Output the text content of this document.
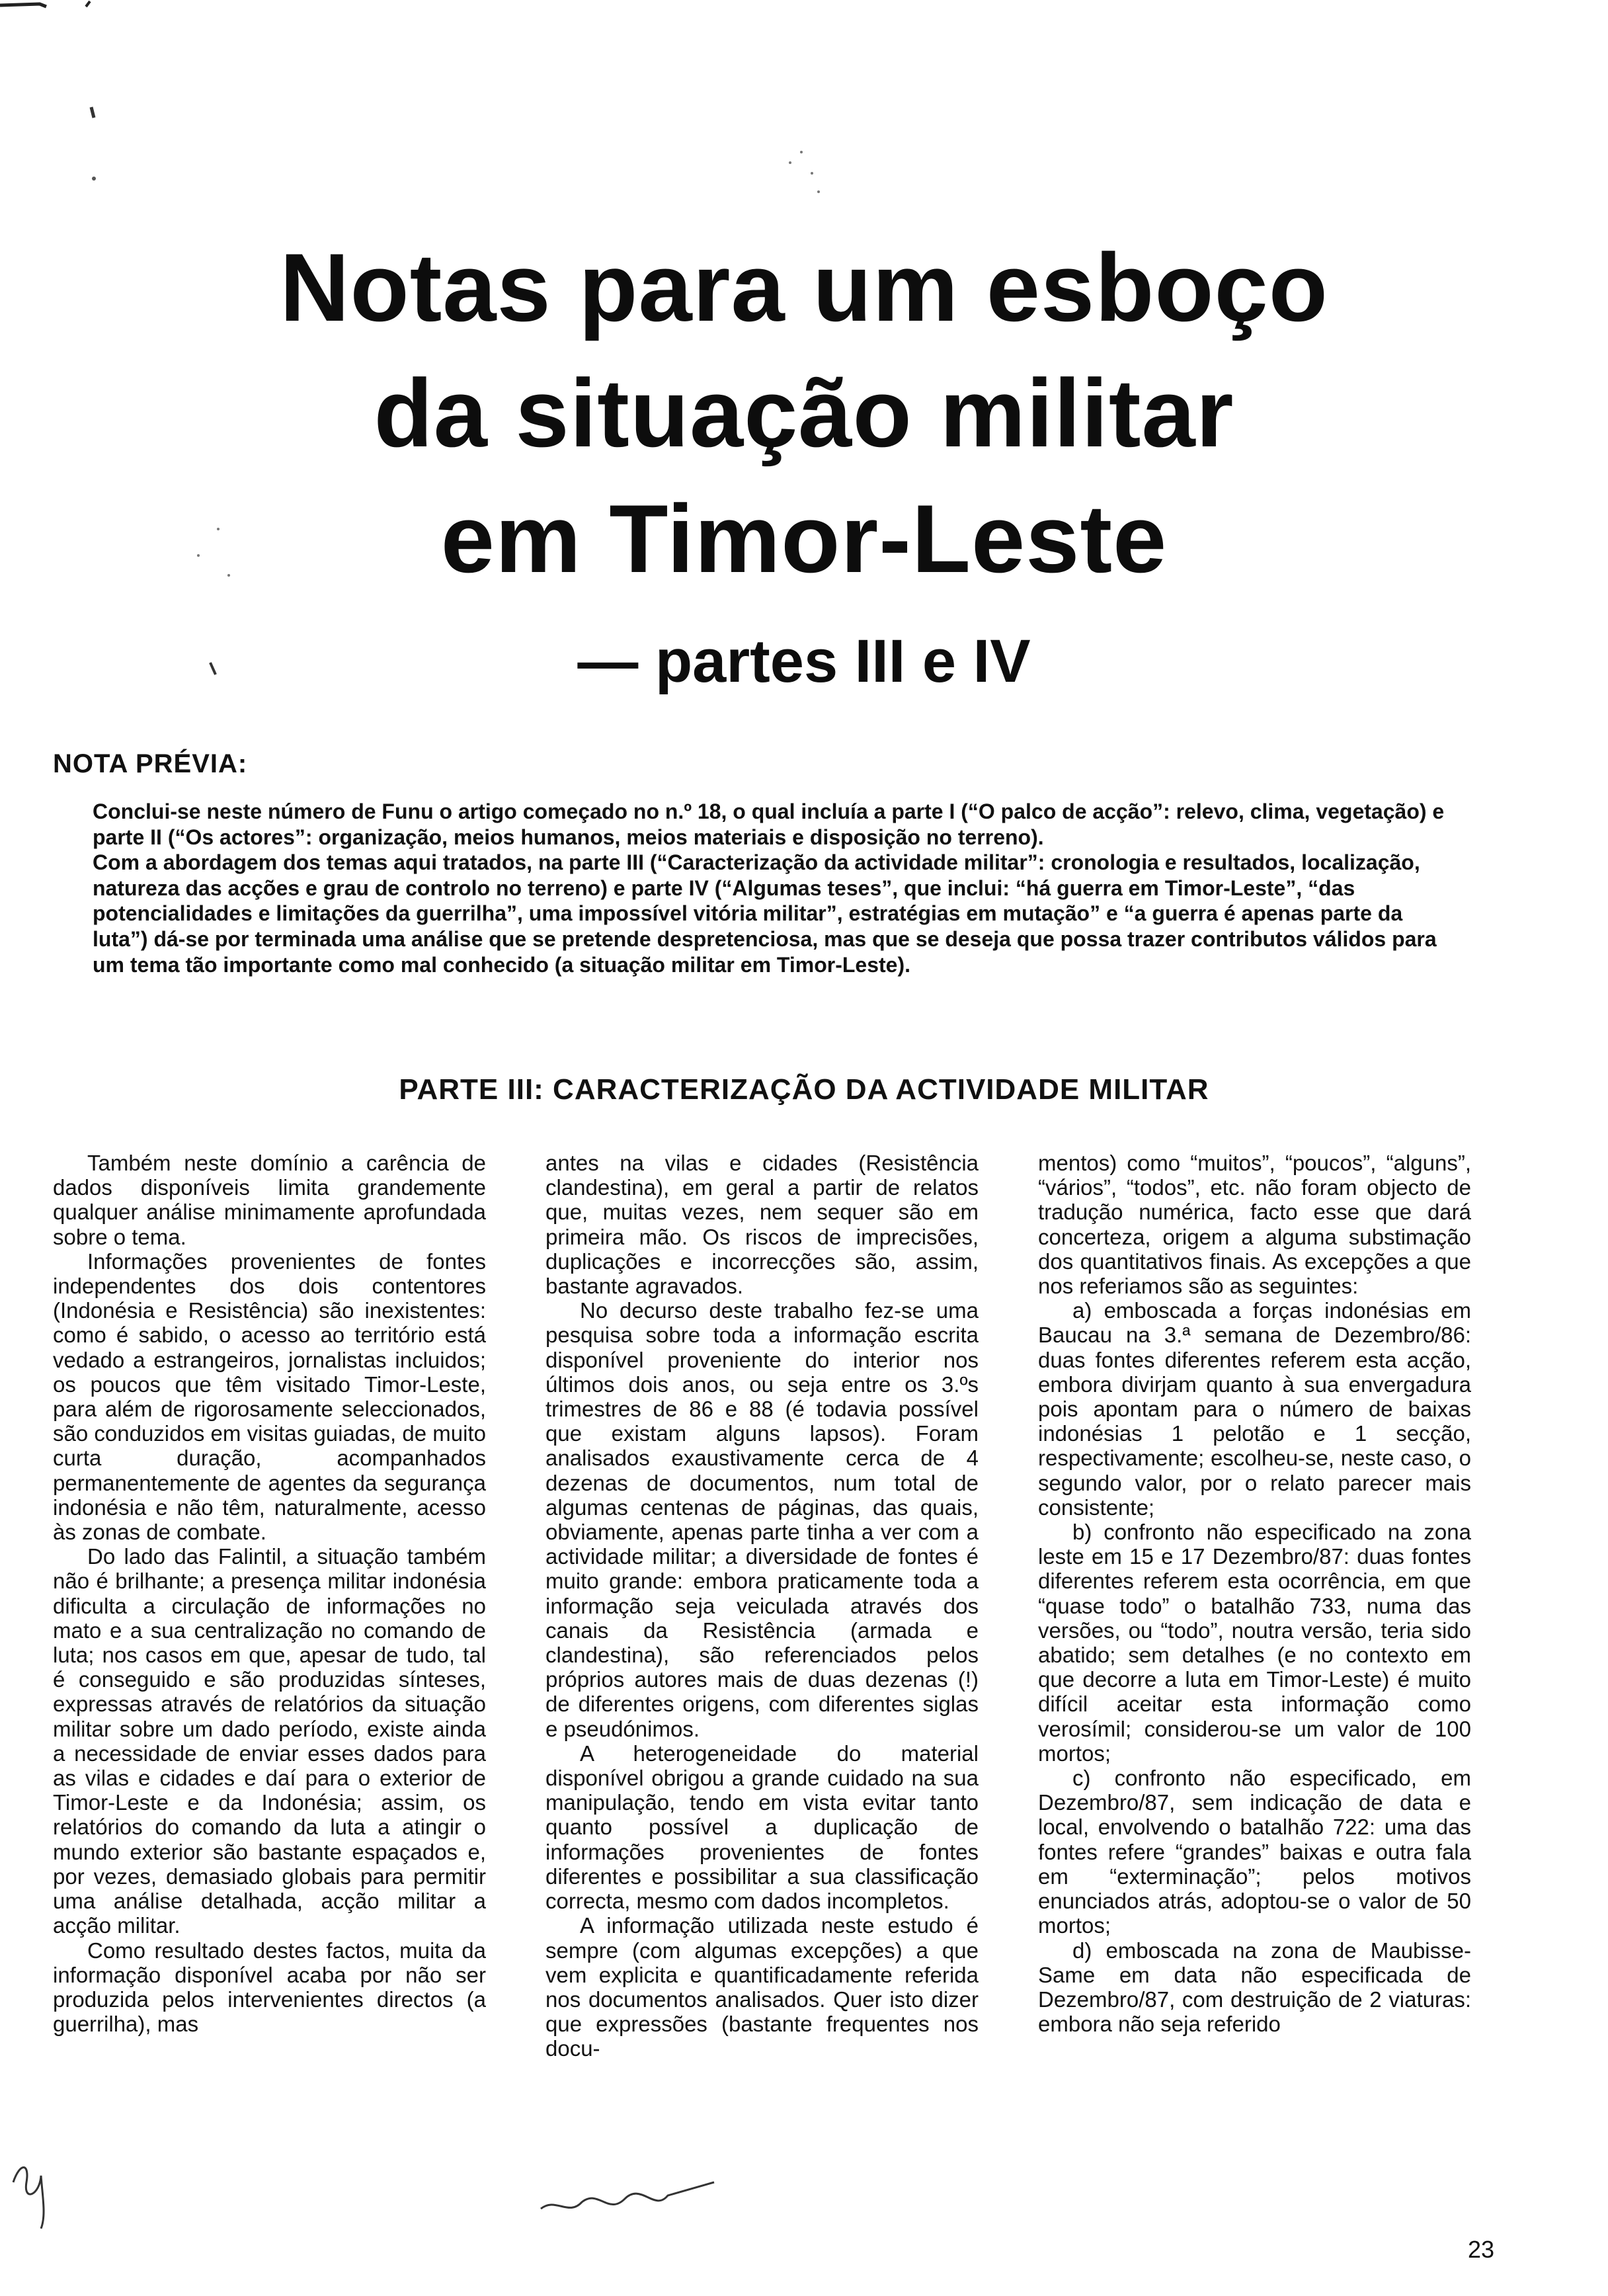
Notas para um esboço
da situação militar
em Timor-Leste
— partes III e IV
NOTA PRÉVIA:

Conclui-se neste número de Funu o artigo começado no n.º 18, o qual incluía a parte I (“O palco de acção”: relevo, clima, vegetação) e parte II (“Os actores”: organização, meios humanos, meios materiais e disposição no terreno).

Com a abordagem dos temas aqui tratados, na parte III (“Caracterização da actividade militar”: cronologia e resultados, localização, natureza das acções e grau de controlo no terreno) e parte IV (“Algumas teses”, que inclui: “há guerra em Timor-Leste”, “das potencialidades e limitações da guerrilha”, uma impossível vitória militar”, estratégias em mutação” e “a guerra é apenas parte da luta”) dá-se por terminada uma análise que se pretende despretenciosa, mas que se deseja que possa trazer contributos válidos para um tema tão importante como mal conhecido (a situação militar em Timor-Leste).

PARTE III: CARACTERIZAÇÃO DA ACTIVIDADE MILITAR

Também neste domínio a carência de dados disponíveis limita grandemente qualquer análise minimamente aprofundada sobre o tema.

Informações provenientes de fontes independentes dos dois contentores (Indonésia e Resistência) são inexistentes: como é sabido, o acesso ao território está vedado a estrangeiros, jornalistas incluidos; os poucos que têm visitado Timor-Leste, para além de rigorosamente seleccionados, são conduzidos em visitas guiadas, de muito curta duração, acompanhados permanentemente de agentes da segurança indonésia e não têm, naturalmente, acesso às zonas de combate.

Do lado das Falintil, a situação também não é brilhante; a presença militar indonésia dificulta a circulação de informações no mato e a sua centralização no comando de luta; nos casos em que, apesar de tudo, tal é conseguido e são produzidas sínteses, expressas através de relatórios da situação militar sobre um dado período, existe ainda a necessidade de enviar esses dados para as vilas e cidades e daí para o exterior de Timor-Leste e da Indonésia; assim, os relatórios do comando da luta a atingir o mundo exterior são bastante espaçados e, por vezes, demasiado globais para permitir uma análise detalhada, acção militar a acção militar.

Como resultado destes factos, muita da informação disponível acaba por não ser produzida pelos intervenientes directos (a guerrilha), mas

antes na vilas e cidades (Resistência clandestina), em geral a partir de relatos que, muitas vezes, nem sequer são em primeira mão. Os riscos de imprecisões, duplicações e incorrecções são, assim, bastante agravados.

No decurso deste trabalho fez-se uma pesquisa sobre toda a informação escrita disponível proveniente do interior nos últimos dois anos, ou seja entre os 3.ºs trimestres de 86 e 88 (é todavia possível que existam alguns lapsos). Foram analisados exaustivamente cerca de 4 dezenas de documentos, num total de algumas centenas de páginas, das quais, obviamente, apenas parte tinha a ver com a actividade militar; a diversidade de fontes é muito grande: embora praticamente toda a informação seja veiculada através dos canais da Resistência (armada e clandestina), são referenciados pelos próprios autores mais de duas dezenas (!) de diferentes origens, com diferentes siglas e pseudónimos.

A heterogeneidade do material disponível obrigou a grande cuidado na sua manipulação, tendo em vista evitar tanto quanto possível a duplicação de informações provenientes de fontes diferentes e possibilitar a sua classificação correcta, mesmo com dados incompletos.

A informação utilizada neste estudo é sempre (com algumas excepções) a que vem explicita e quantificadamente referida nos documentos analisados. Quer isto dizer que expressões (bastante frequentes nos docu-

mentos) como “muitos”, “poucos”, “alguns”, “vários”, “todos”, etc. não foram objecto de tradução numérica, facto esse que dará concerteza, origem a alguma substimação dos quantitativos finais. As excepções a que nos referiamos são as seguintes:

a) emboscada a forças indonésias em Baucau na 3.ª semana de Dezembro/86: duas fontes diferentes referem esta acção, embora divirjam quanto à sua envergadura pois apontam para o número de baixas indonésias 1 pelotão e 1 secção, respectivamente; escolheu-se, neste caso, o segundo valor, por o relato parecer mais consistente;

b) confronto não especificado na zona leste em 15 e 17 Dezembro/87: duas fontes diferentes referem esta ocorrência, em que “quase todo” o batalhão 733, numa das versões, ou “todo”, noutra versão, teria sido abatido; sem detalhes (e no contexto em que decorre a luta em Timor-Leste) é muito difícil aceitar esta informação como verosímil; considerou-se um valor de 100 mortos;

c) confronto não especificado, em Dezembro/87, sem indicação de data e local, envolvendo o batalhão 722: uma das fontes refere “grandes” baixas e outra fala em “exterminação”; pelos motivos enunciados atrás, adoptou-se o valor de 50 mortos;

d) emboscada na zona de Maubisse-Same em data não especificada de Dezembro/87, com destruição de 2 viaturas: embora não seja referido

23
